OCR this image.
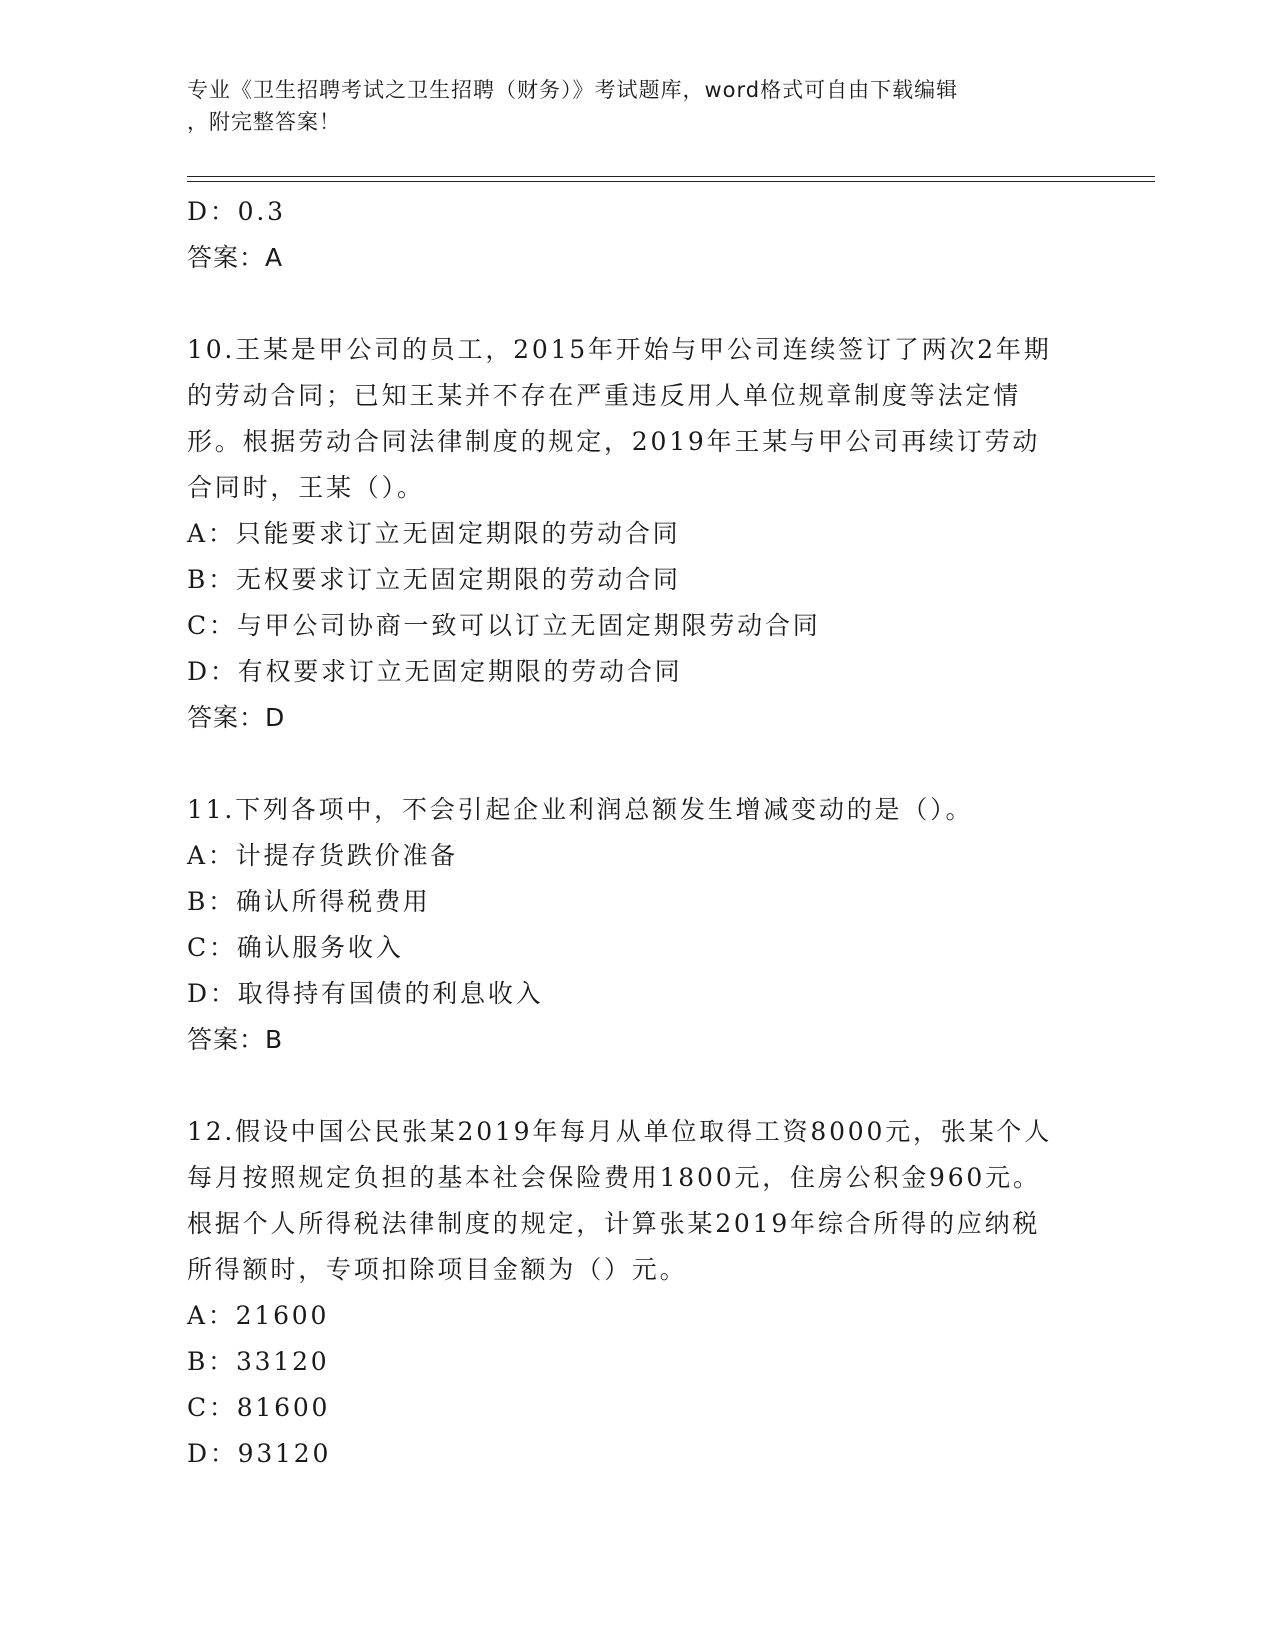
专业《卫生招聘考试之卫生招聘（财务）》考试题库，word格式可自由下载编辑
，附完整答案！
D：0.3
答案：A
10.王某是甲公司的员工，2015年开始与甲公司连续签订了两次2年期
的劳动合同；已知王某并不存在严重违反用人单位规章制度等法定情
形。根据劳动合同法律制度的规定，2019年王某与甲公司再续订劳动
合同时，王某（）。
A：只能要求订立无固定期限的劳动合同
B：无权要求订立无固定期限的劳动合同
C：与甲公司协商一致可以订立无固定期限劳动合同
D：有权要求订立无固定期限的劳动合同
答案：D
11.下列各项中，不会引起企业利润总额发生增减变动的是（）。
A：计提存货跌价准备
B：确认所得税费用
C：确认服务收入
D：取得持有国债的利息收入
答案：B
12.假设中国公民张某2019年每月从单位取得工资8000元，张某个人
每月按照规定负担的基本社会保险费用1800元，住房公积金960元。
根据个人所得税法律制度的规定，计算张某2019年综合所得的应纳税
所得额时，专项扣除项目金额为（）元。
A：21600
B：33120
C：81600
D：93120
